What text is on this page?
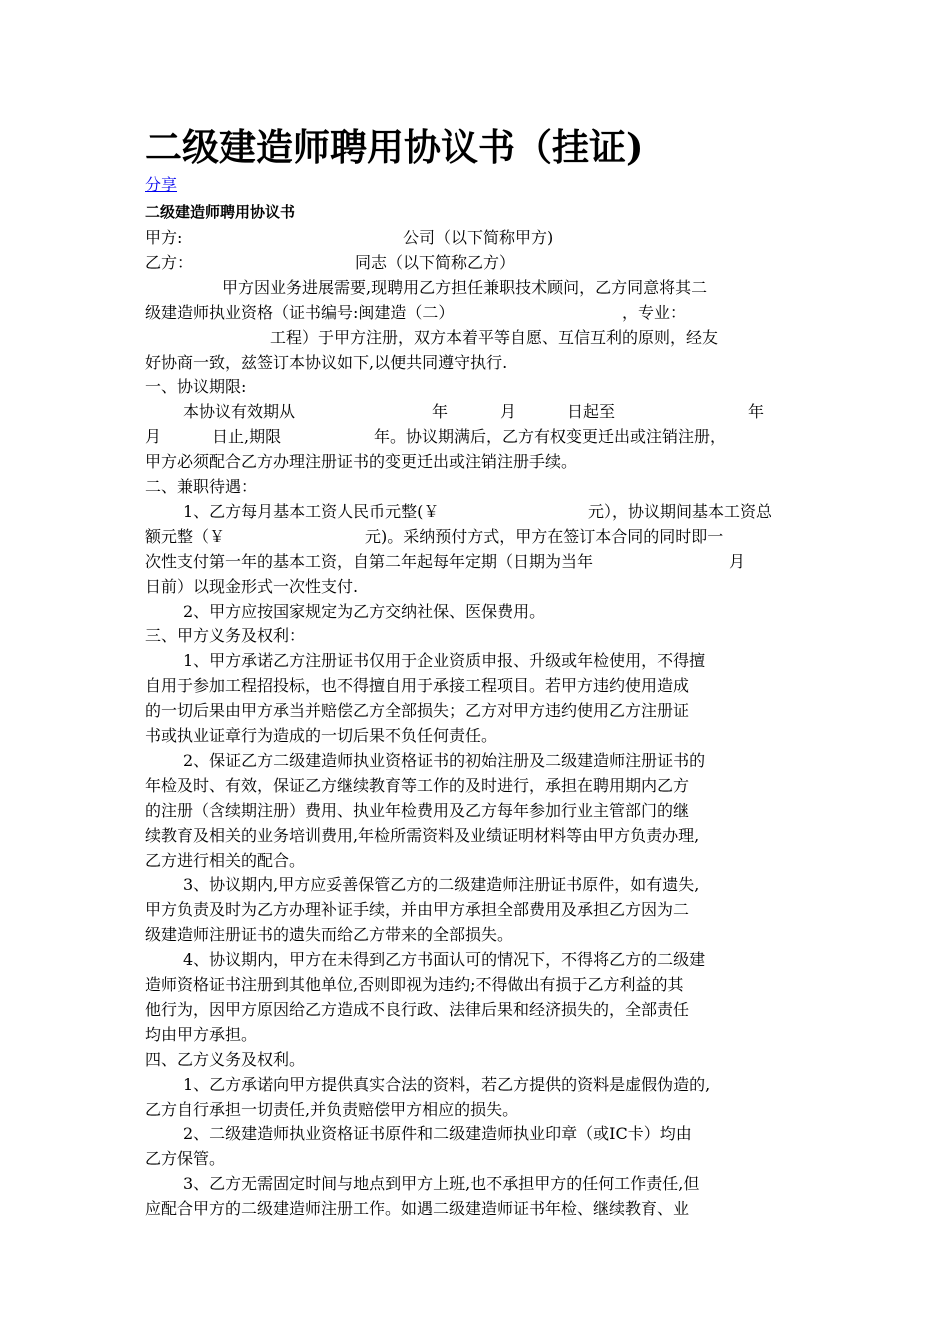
二级建造师聘用协议书（挂证)
分享
二级建造师聘用协议书
甲方:	公司（以下简称甲方)
乙方：	同志（以下简称乙方）
甲方因业务进展需要,现聘用乙方担任兼职技术顾问，乙方同意将其二
级建造师执业资格（证书编号:闽建造（二）	，专业：
工程）于甲方注册，双方本着平等自愿、互信互利的原则，经友
好协商一致，兹签订本协议如下,以便共同遵守执行.
一、协议期限:
本协议有效期从	年	月	日起至	年
月	日止,期限	年。协议期满后，乙方有权变更迁出或注销注册，
甲方必须配合乙方办理注册证书的变更迁出或注销注册手续。
二、兼职待遇：
1、乙方每月基本工资人民币元整(￥	元），协议期间基本工资总
额元整（￥	元)。采纳预付方式，甲方在签订本合同的同时即一
次性支付第一年的基本工资，自第二年起每年定期（日期为当年	月
日前）以现金形式一次性支付.
2、甲方应按国家规定为乙方交纳社保、医保费用。
三、甲方义务及权利：
1、甲方承诺乙方注册证书仅用于企业资质申报、升级或年检使用，不得擅
自用于参加工程招投标，也不得擅自用于承接工程项目。若甲方违约使用造成
的一切后果由甲方承当并赔偿乙方全部损失；乙方对甲方违约使用乙方注册证
书或执业证章行为造成的一切后果不负任何责任。
2、保证乙方二级建造师执业资格证书的初始注册及二级建造师注册证书的
年检及时、有效，保证乙方继续教育等工作的及时进行，承担在聘用期内乙方
的注册（含续期注册）费用、执业年检费用及乙方每年参加行业主管部门的继
续教育及相关的业务培训费用,年检所需资料及业绩证明材料等由甲方负责办理,
乙方进行相关的配合。
3、协议期内,甲方应妥善保管乙方的二级建造师注册证书原件，如有遗失,
甲方负责及时为乙方办理补证手续，并由甲方承担全部费用及承担乙方因为二
级建造师注册证书的遗失而给乙方带来的全部损失。
4、协议期内，甲方在未得到乙方书面认可的情况下，不得将乙方的二级建
造师资格证书注册到其他单位,否则即视为违约;不得做出有损于乙方利益的其
他行为，因甲方原因给乙方造成不良行政、法律后果和经济损失的，全部责任
均由甲方承担。
四、乙方义务及权利。
1、乙方承诺向甲方提供真实合法的资料，若乙方提供的资料是虚假伪造的,
乙方自行承担一切责任,并负责赔偿甲方相应的损失。
2、二级建造师执业资格证书原件和二级建造师执业印章（或IC卡）均由
乙方保管。
3、乙方无需固定时间与地点到甲方上班,也不承担甲方的任何工作责任,但
应配合甲方的二级建造师注册工作。如遇二级建造师证书年检、继续教育、业
